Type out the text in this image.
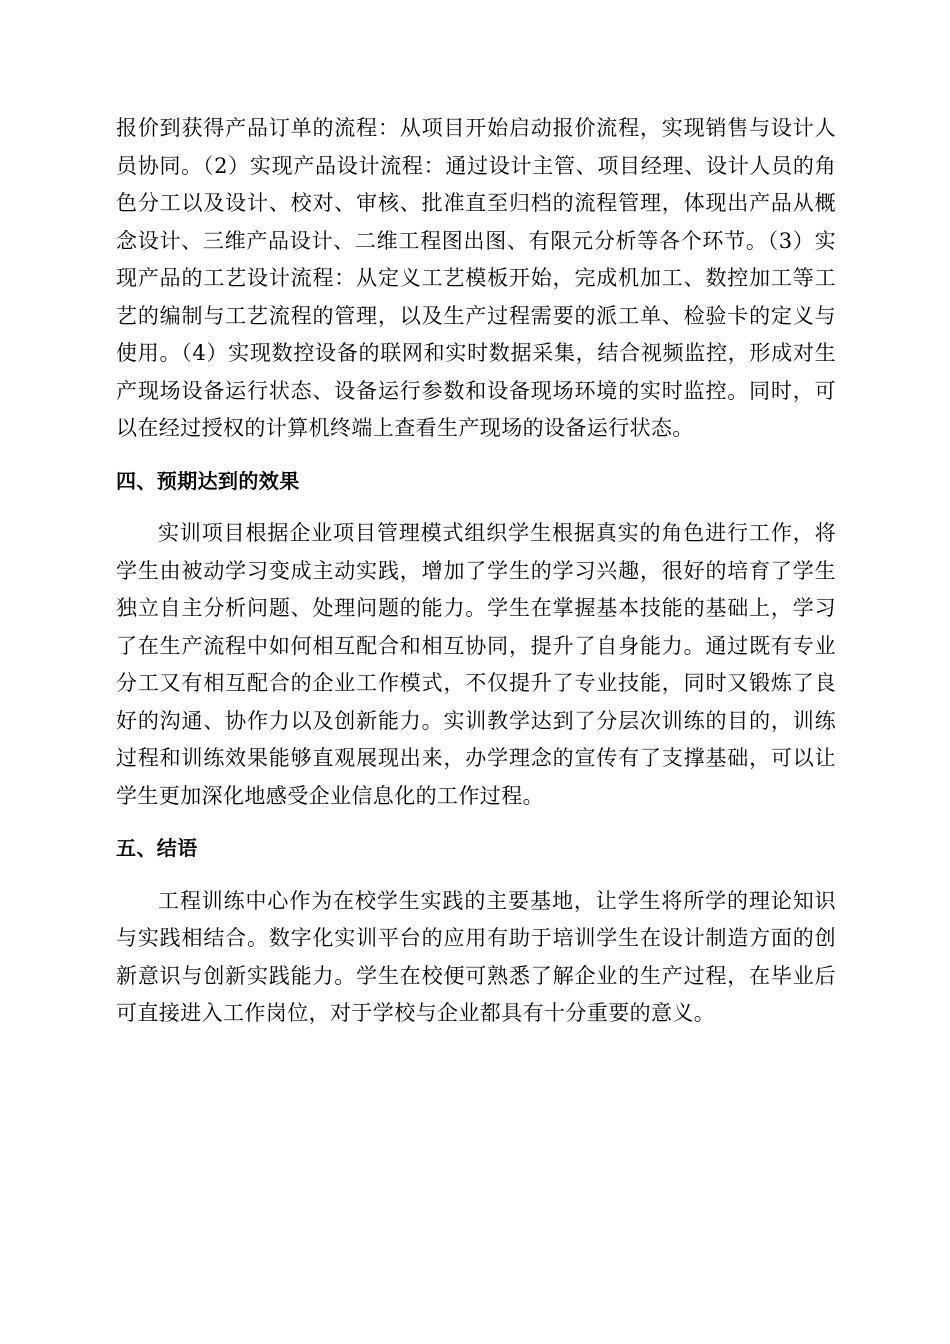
报价到获得产品订单的流程：从项目开始启动报价流程，实现销售与设计人员协同。（2）实现产品设计流程：通过设计主管、项目经理、设计人员的角色分工以及设计、校对、审核、批准直至归档的流程管理，体现出产品从概念设计、三维产品设计、二维工程图出图、有限元分析等各个环节。（3）实现产品的工艺设计流程：从定义工艺模板开始，完成机加工、数控加工等工艺的编制与工艺流程的管理，以及生产过程需要的派工单、检验卡的定义与使用。（4）实现数控设备的联网和实时数据采集，结合视频监控，形成对生产现场设备运行状态、设备运行参数和设备现场环境的实时监控。同时，可以在经过授权的计算机终端上查看生产现场的设备运行状态。

四、预期达到的效果

实训项目根据企业项目管理模式组织学生根据真实的角色进行工作，将学生由被动学习变成主动实践，增加了学生的学习兴趣，很好的培育了学生独立自主分析问题、处理问题的能力。学生在掌握基本技能的基础上，学习了在生产流程中如何相互配合和相互协同，提升了自身能力。通过既有专业分工又有相互配合的企业工作模式，不仅提升了专业技能，同时又锻炼了良好的沟通、协作力以及创新能力。实训教学达到了分层次训练的目的，训练过程和训练效果能够直观展现出来，办学理念的宣传有了支撑基础，可以让学生更加深化地感受企业信息化的工作过程。

五、结语

工程训练中心作为在校学生实践的主要基地，让学生将所学的理论知识与实践相结合。数字化实训平台的应用有助于培训学生在设计制造方面的创新意识与创新实践能力。学生在校便可熟悉了解企业的生产过程，在毕业后可直接进入工作岗位，对于学校与企业都具有十分重要的意义。
